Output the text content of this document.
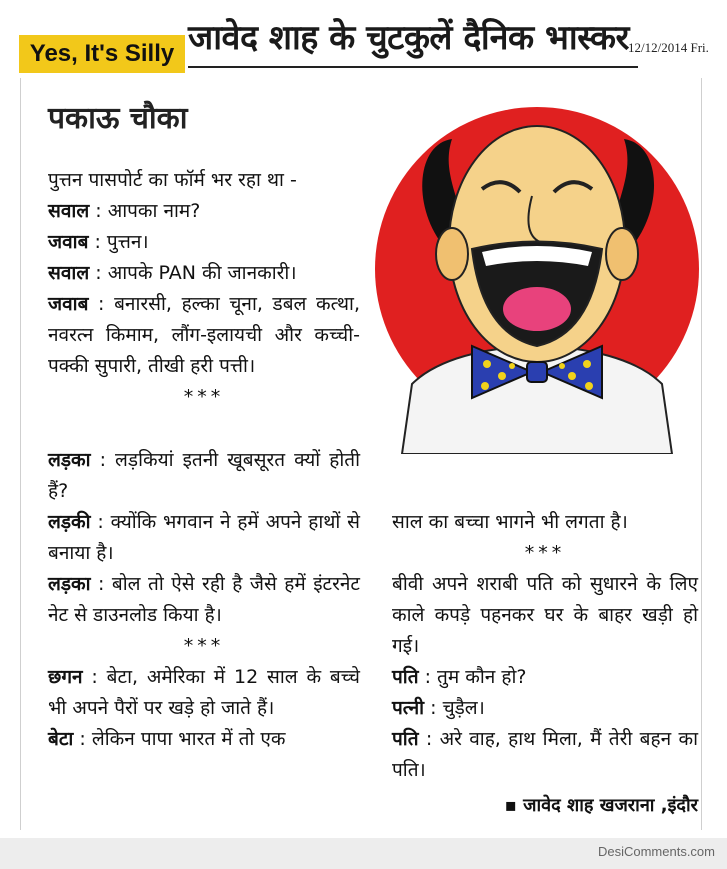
Yes, It's Silly जावेद शाह के चुटकुलें दैनिक भास्कर 12/12/2014 Fri.
पकाऊ चौका

पुत्तन पासपोर्ट का फॉर्म भर रहा था -

सवाल : आपका नाम?

जवाब : पुत्तन।

सवाल : आपके PAN की जानकारी।

जवाब : बनारसी, हल्का चूना, डबल कत्था, नवरत्न किमाम, लौंग-इलायची और कच्ची-पक्की सुपारी, तीखी हरी पत्ती।

***

लड़का : लड़कियां इतनी खूबसूरत क्यों होती हैं?

लड़की : क्योंकि भगवान ने हमें अपने हाथों से बनाया है।

लड़का : बोल तो ऐसे रही है जैसे हमें इंटरनेट नेट से डाउनलोड किया है।

***

छगन : बेटा, अमेरिका में 12 साल के बच्चे भी अपने पैरों पर खड़े हो जाते हैं।

बेटा : लेकिन पापा भारत में तो एक

साल का बच्चा भागने भी लगता है।

***

बीवी अपने शराबी पति को सुधारने के लिए काले कपड़े पहनकर घर के बाहर खड़ी हो गई।

पति : तुम कौन हो?

पत्नी : चुड़ैल।

पति : अरे वाह, हाथ मिला, मैं तेरी बहन का पति।

▪ जावेद शाह खजराना ,इंदौर
DesiComments.com
